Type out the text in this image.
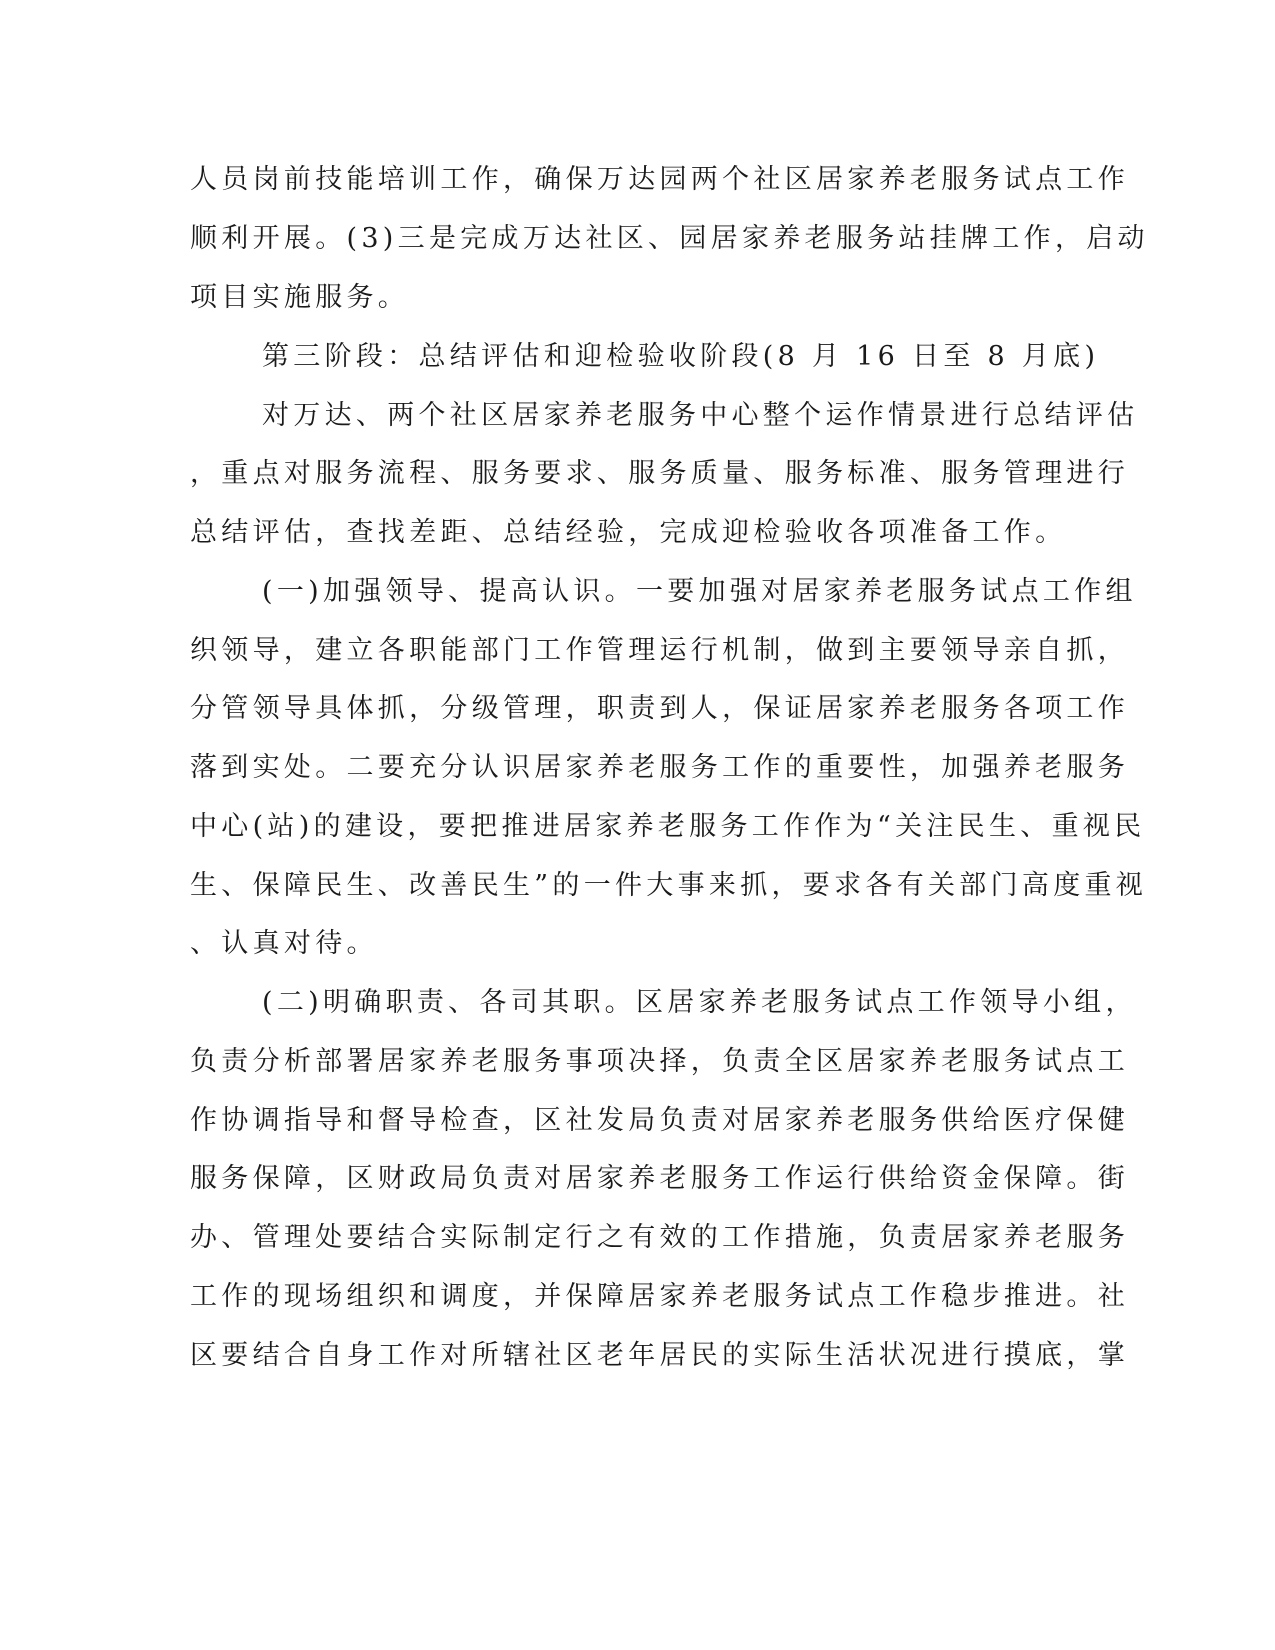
人员岗前技能培训工作，确保万达园两个社区居家养老服务试点工作
顺利开展。(3)三是完成万达社区、园居家养老服务站挂牌工作，启动
项目实施服务。
第三阶段：总结评估和迎检验收阶段(8 月 16 日至 8 月底)
对万达、两个社区居家养老服务中心整个运作情景进行总结评估
，重点对服务流程、服务要求、服务质量、服务标准、服务管理进行
总结评估，查找差距、总结经验，完成迎检验收各项准备工作。
(一)加强领导、提高认识。一要加强对居家养老服务试点工作组
织领导，建立各职能部门工作管理运行机制，做到主要领导亲自抓，
分管领导具体抓，分级管理，职责到人，保证居家养老服务各项工作
落到实处。二要充分认识居家养老服务工作的重要性，加强养老服务
中心(站)的建设，要把推进居家养老服务工作作为“关注民生、重视民
生、保障民生、改善民生”的一件大事来抓，要求各有关部门高度重视
、认真对待。
(二)明确职责、各司其职。区居家养老服务试点工作领导小组，
负责分析部署居家养老服务事项决择，负责全区居家养老服务试点工
作协调指导和督导检查，区社发局负责对居家养老服务供给医疗保健
服务保障，区财政局负责对居家养老服务工作运行供给资金保障。街
办、管理处要结合实际制定行之有效的工作措施，负责居家养老服务
工作的现场组织和调度，并保障居家养老服务试点工作稳步推进。社
区要结合自身工作对所辖社区老年居民的实际生活状况进行摸底，掌
